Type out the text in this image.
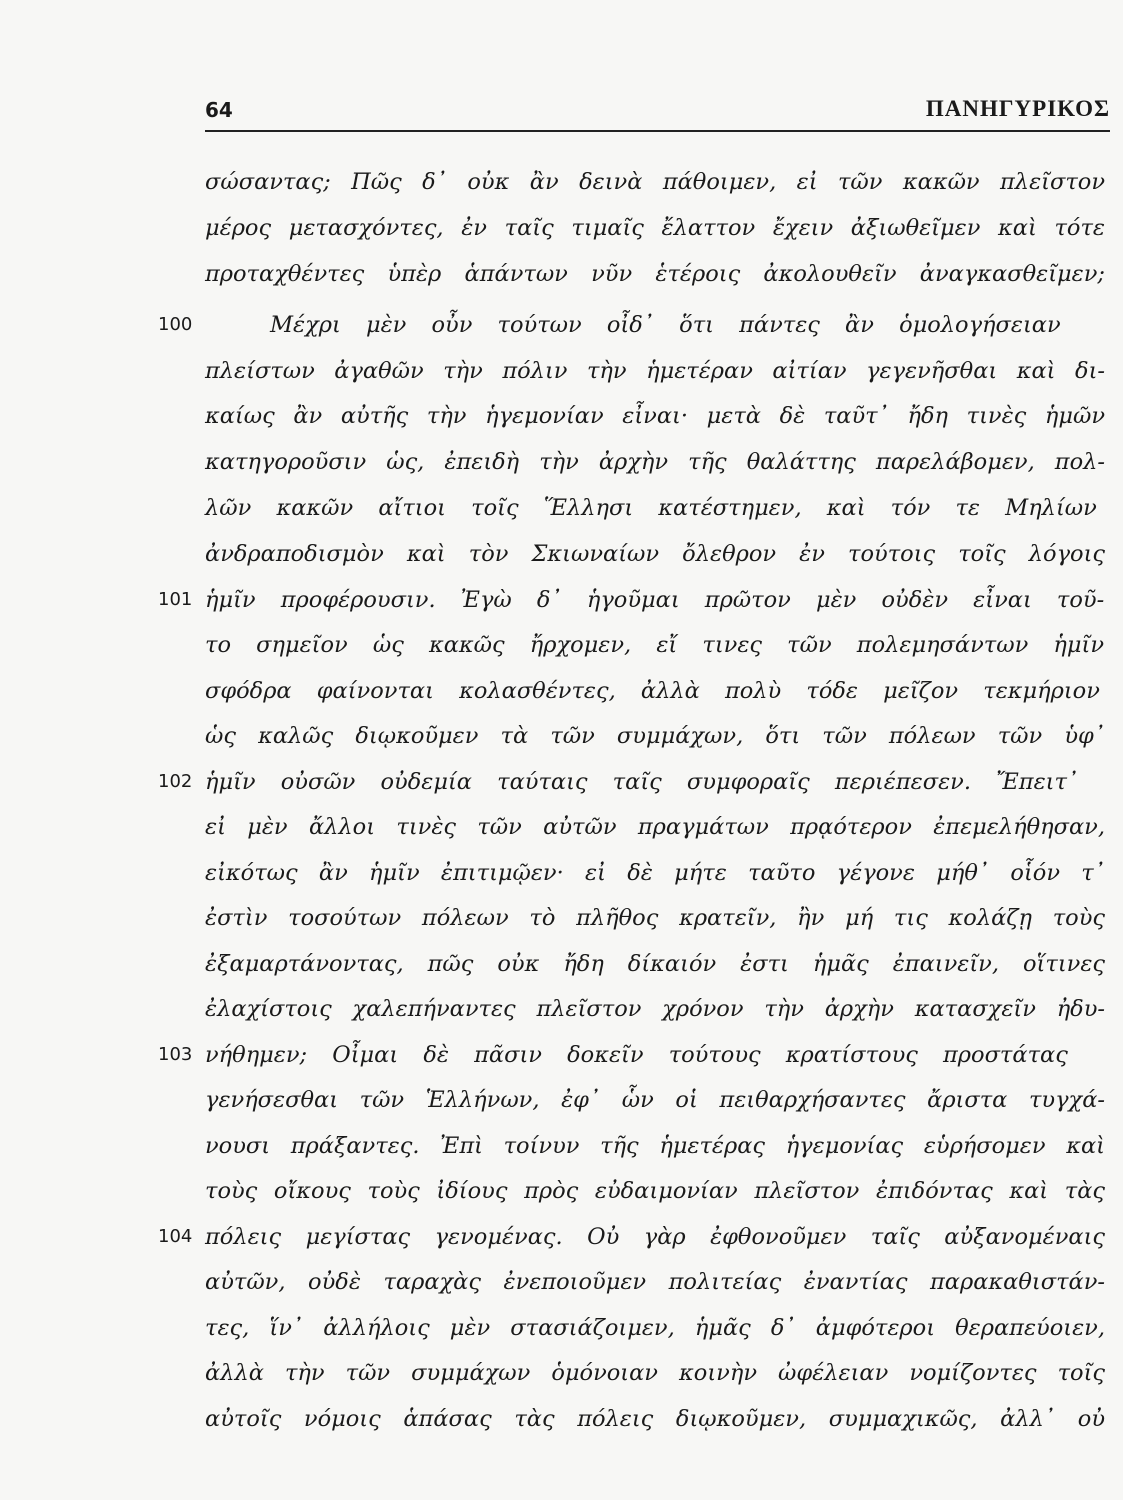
64	ΠΑΝΗΓΥΡΙΚΟΣ
100
101
102
103
104
σώσαντας; Πῶς δ᾽ οὐκ ἂν δεινὰ πάθοιμεν, εἰ τῶν κακῶν πλεῖστον
μέρος μετασχόντες, ἐν ταῖς τιμαῖς ἔλαττον ἔχειν ἀξιωθεῖμεν καὶ τότε
προταχθέντες ὑπὲρ ἁπάντων νῦν ἑτέροις ἀκολουθεῖν ἀναγκασθεῖμεν;
Μέχρι μὲν οὖν τούτων οἶδ᾽ ὅτι πάντες ἂν ὁμολογήσειαν
πλείστων ἀγαθῶν τὴν πόλιν τὴν ἡμετέραν αἰτίαν γεγενῆσθαι καὶ δι-
καίως ἂν αὐτῆς τὴν ἡγεμονίαν εἶναι· μετὰ δὲ ταῦτ᾽ ἤδη τινὲς ἡμῶν
κατηγοροῦσιν ὡς, ἐπειδὴ τὴν ἀρχὴν τῆς θαλάττης παρελάβομεν, πολ-
λῶν κακῶν αἴτιοι τοῖς Ἕλλησι κατέστημεν, καὶ τόν τε Μηλίων
ἀνδραποδισμὸν καὶ τὸν Σκιωναίων ὄλεθρον ἐν τούτοις τοῖς λόγοις
ἡμῖν προφέρουσιν. Ἐγὼ δ᾽ ἡγοῦμαι πρῶτον μὲν οὐδὲν εἶναι τοῦ-
το σημεῖον ὡς κακῶς ἤρχομεν, εἴ τινες τῶν πολεμησάντων ἡμῖν
σφόδρα φαίνονται κολασθέντες, ἀλλὰ πολὺ τόδε μεῖζον τεκμήριον
ὡς καλῶς διῳκοῦμεν τὰ τῶν συμμάχων, ὅτι τῶν πόλεων τῶν ὑφ᾽
ἡμῖν οὐσῶν οὐδεμία ταύταις ταῖς συμφοραῖς περιέπεσεν. Ἔπειτ᾽
εἰ μὲν ἄλλοι τινὲς τῶν αὐτῶν πραγμάτων πρᾳότερον ἐπεμελήθησαν,
εἰκότως ἂν ἡμῖν ἐπιτιμῷεν· εἰ δὲ μήτε ταῦτο γέγονε μήθ᾽ οἷόν τ᾽
ἐστὶν τοσούτων πόλεων τὸ πλῆθος κρατεῖν, ἢν μή τις κολάζῃ τοὺς
ἐξαμαρτάνοντας, πῶς οὐκ ἤδη δίκαιόν ἐστι ἡμᾶς ἐπαινεῖν, οἵτινες
ἐλαχίστοις χαλεπήναντες πλεῖστον χρόνον τὴν ἀρχὴν κατασχεῖν ἠδυ-
νήθημεν; Οἶμαι δὲ πᾶσιν δοκεῖν τούτους κρατίστους προστάτας
γενήσεσθαι τῶν Ἑλλήνων, ἐφ᾽ ὧν οἱ πειθαρχήσαντες ἄριστα τυγχά-
νουσι πράξαντες. Ἐπὶ τοίνυν τῆς ἡμετέρας ἡγεμονίας εὑρήσομεν καὶ
τοὺς οἴκους τοὺς ἰδίους πρὸς εὐδαιμονίαν πλεῖστον ἐπιδόντας καὶ τὰς
πόλεις μεγίστας γενομένας. Οὐ γὰρ ἐφθονοῦμεν ταῖς αὐξανομέναις
αὐτῶν, οὐδὲ ταραχὰς ἐνεποιοῦμεν πολιτείας ἐναντίας παρακαθιστάν-
τες, ἵν᾽ ἀλλήλοις μὲν στασιάζοιμεν, ἡμᾶς δ᾽ ἀμφότεροι θεραπεύοιεν,
ἀλλὰ τὴν τῶν συμμάχων ὁμόνοιαν κοινὴν ὠφέλειαν νομίζοντες τοῖς
αὐτοῖς νόμοις ἁπάσας τὰς πόλεις διῳκοῦμεν, συμμαχικῶς, ἀλλ᾽ οὐ
